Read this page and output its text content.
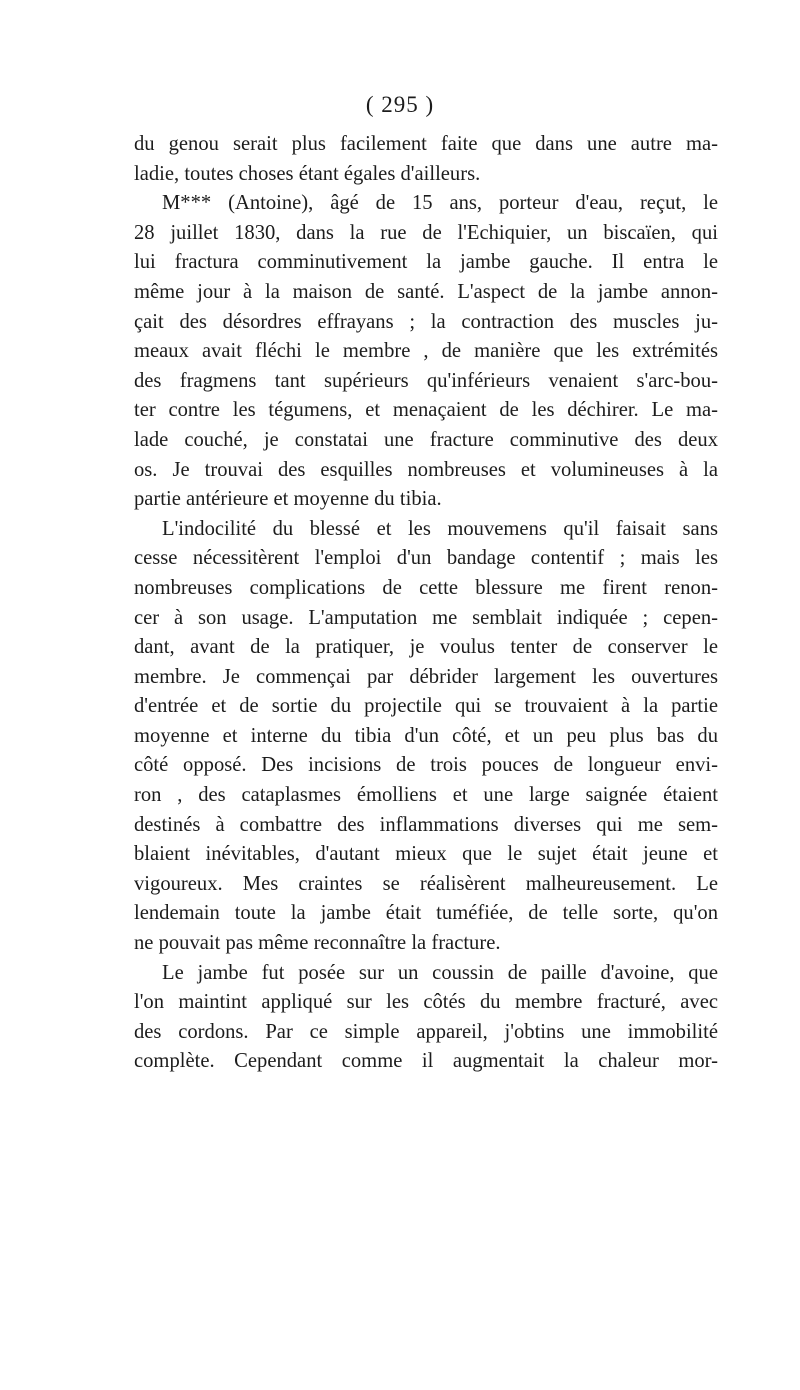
( 295 )
du genou serait plus facilement faite que dans une autre ma-
ladie, toutes choses étant égales d'ailleurs.
M*** (Antoine), âgé de 15 ans, porteur d'eau, reçut, le
28 juillet 1830, dans la rue de l'Echiquier, un biscaïen, qui
lui fractura comminutivement la jambe gauche. Il entra le
même jour à la maison de santé. L'aspect de la jambe annon-
çait des désordres effrayans ; la contraction des muscles ju-
meaux avait fléchi le membre , de manière que les extrémités
des fragmens tant supérieurs qu'inférieurs venaient s'arc-bou-
ter contre les tégumens, et menaçaient de les déchirer. Le ma-
lade couché, je constatai une fracture comminutive des deux
os. Je trouvai des esquilles nombreuses et volumineuses à la
partie antérieure et moyenne du tibia.
L'indocilité du blessé et les mouvemens qu'il faisait sans
cesse nécessitèrent l'emploi d'un bandage contentif ; mais les
nombreuses complications de cette blessure me firent renon-
cer à son usage. L'amputation me semblait indiquée ; cepen-
dant, avant de la pratiquer, je voulus tenter de conserver le
membre. Je commençai par débrider largement les ouvertures
d'entrée et de sortie du projectile qui se trouvaient à la partie
moyenne et interne du tibia d'un côté, et un peu plus bas du
côté opposé. Des incisions de trois pouces de longueur envi-
ron , des cataplasmes émolliens et une large saignée étaient
destinés à combattre des inflammations diverses qui me sem-
blaient inévitables, d'autant mieux que le sujet était jeune et
vigoureux. Mes craintes se réalisèrent malheureusement. Le
lendemain toute la jambe était tuméfiée, de telle sorte, qu'on
ne pouvait pas même reconnaître la fracture.
Le jambe fut posée sur un coussin de paille d'avoine, que
l'on maintint appliqué sur les côtés du membre fracturé, avec
des cordons. Par ce simple appareil, j'obtins une immobilité
complète. Cependant comme il augmentait la chaleur mor-
